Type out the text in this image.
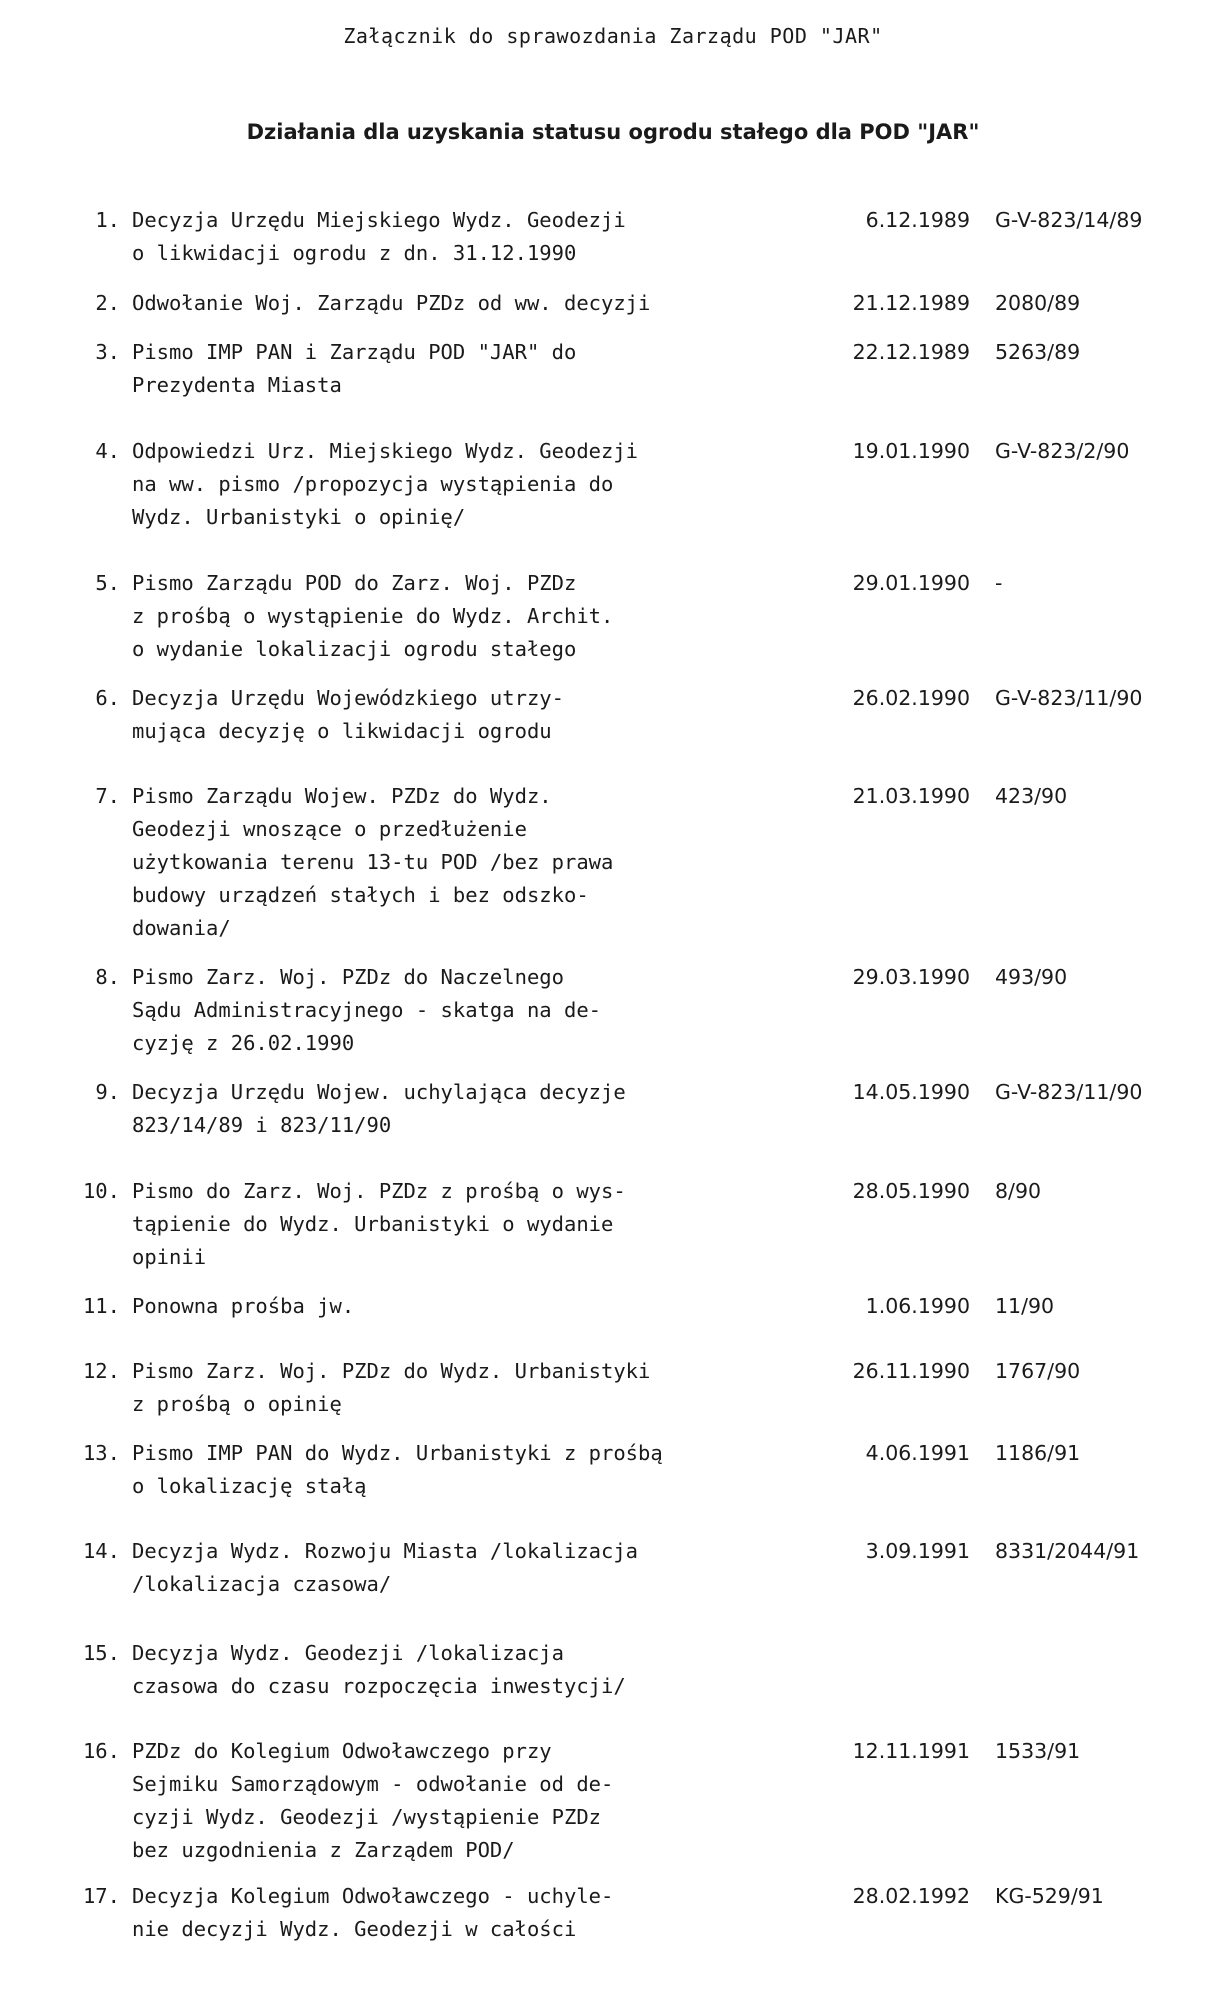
Załącznik do sprawozdania Zarządu POD "JAR"
Działania dla uzyskania statusu ogrodu stałego dla POD "JAR"
1. Decyzja Urzędu Miejskiego Wydz. Geodezji
o likwidacji ogrodu z dn. 31.12.1990
6.12.1989 G-V-823/14/89
2. Odwołanie Woj. Zarządu PZDz od ww. decyzji	21.12.1989 2080/89
3. Pismo IMP PAN i Zarządu POD "JAR" do
Prezydenta Miasta
22.12.1989 5263/89
4. Odpowiedzi Urz. Miejskiego Wydz. Geodezji
na ww. pismo /propozycja wystąpienia do
Wydz. Urbanistyki o opinię/
19.01.1990 G-V-823/2/90
5. Pismo Zarządu POD do Zarz. Woj. PZDz
z prośbą o wystąpienie do Wydz. Archit.
o wydanie lokalizacji ogrodu stałego
29.01.1990 -
6. Decyzja Urzędu Wojewódzkiego utrzy-
mująca decyzję o likwidacji ogrodu
26.02.1990 G-V-823/11/90
7. Pismo Zarządu Wojew. PZDz do Wydz.
Geodezji wnoszące o przedłużenie
użytkowania terenu 13-tu POD /bez prawa
budowy urządzeń stałych i bez odszko-
dowania/
21.03.1990 423/90
8. Pismo Zarz. Woj. PZDz do Naczelnego
Sądu Administracyjnego - skatga na de-
cyzję z 26.02.1990
29.03.1990 493/90
9. Decyzja Urzędu Wojew. uchylająca decyzje
823/14/89 i 823/11/90
14.05.1990 G-V-823/11/90
10. Pismo do Zarz. Woj. PZDz z prośbą o wys-
tąpienie do Wydz. Urbanistyki o wydanie
opinii
28.05.1990 8/90
11. Ponowna prośba jw.	1.06.1990 11/90
12. Pismo Zarz. Woj. PZDz do Wydz. Urbanistyki
z prośbą o opinię
26.11.1990 1767/90
13. Pismo IMP PAN do Wydz. Urbanistyki z prośbą
o lokalizację stałą
4.06.1991 1186/91
14. Decyzja Wydz. Rozwoju Miasta /lokalizacja
/lokalizacja czasowa/
3.09.1991 8331/2044/91
15. Decyzja Wydz. Geodezji /lokalizacja
czasowa do czasu rozpoczęcia inwestycji/
16. PZDz do Kolegium Odwoławczego przy
Sejmiku Samorządowym - odwołanie od de-
cyzji Wydz. Geodezji /wystąpienie PZDz
bez uzgodnienia z Zarządem POD/
12.11.1991 1533/91
17. Decyzja Kolegium Odwoławczego - uchyle-
nie decyzji Wydz. Geodezji w całości
28.02.1992 KG-529/91
